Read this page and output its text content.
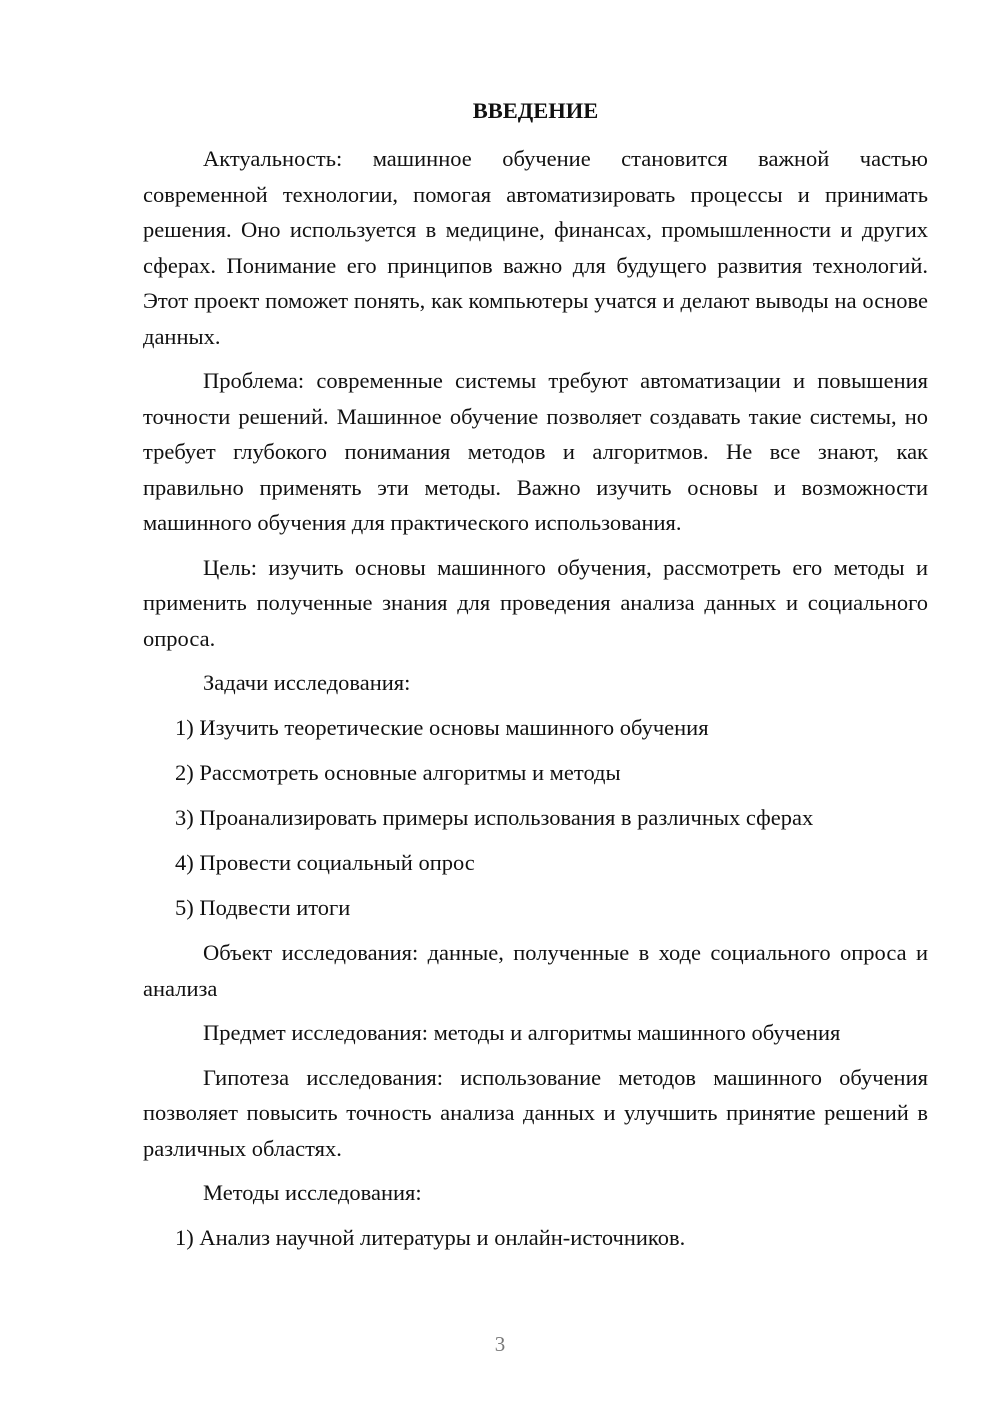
ВВЕДЕНИЕ

Актуальность: машинное обучение становится важной частью современной технологии, помогая автоматизировать процессы и принимать решения. Оно используется в медицине, финансах, промышленности и других сферах. Понимание его принципов важно для будущего развития технологий. Этот проект поможет понять, как компьютеры учатся и делают выводы на основе данных.

Проблема: современные системы требуют автоматизации и повышения точности решений. Машинное обучение позволяет создавать такие системы, но требует глубокого понимания методов и алгоритмов. Не все знают, как правильно применять эти методы. Важно изучить основы и возможности машинного обучения для практического использования.

Цель: изучить основы машинного обучения, рассмотреть его методы и применить полученные знания для проведения анализа данных и социального опроса.

Задачи исследования:

1) Изучить теоретические основы машинного обучения
2) Рассмотреть основные алгоритмы и методы
3) Проанализировать примеры использования в различных сферах
4) Провести социальный опрос
5) Подвести итоги

Объект исследования: данные, полученные в ходе социального опроса и анализа

Предмет исследования: методы и алгоритмы машинного обучения

Гипотеза исследования: использование методов машинного обучения позволяет повысить точность анализа данных и улучшить принятие решений в различных областях.

Методы исследования:

1) Анализ научной литературы и онлайн-источников.
3
